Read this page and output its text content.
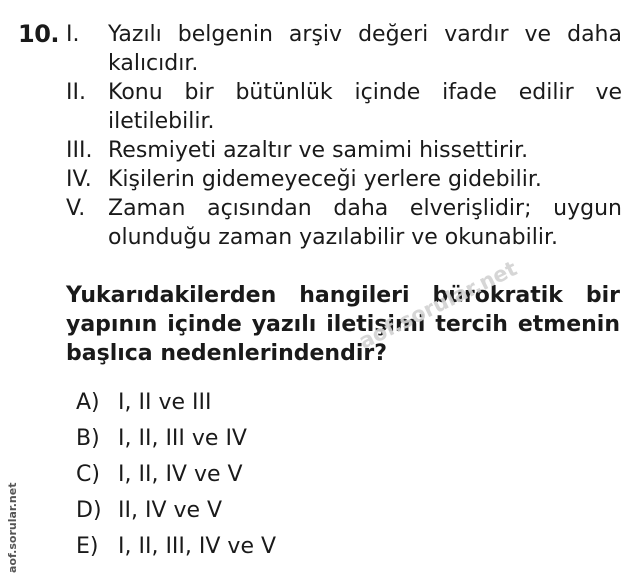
10. I. Yazılı belgenin arşiv değeri vardır ve daha kalıcıdır.
II. Konu bir bütünlük içinde ifade edilir ve iletilebilir.
III. Resmiyeti azaltır ve samimi hissettirir.
IV. Kişilerin gidemeyeceği yerlere gidebilir.
V. Zaman açısından daha elverişlidir; uygun olunduğu zaman yazılabilir ve okunabilir.
Yukarıdakilerden hangileri bürokratik bir yapının içinde yazılı iletişimi tercih etmenin başlıca nedenlerindendir?
A) I, II ve III
B) I, II, III ve IV
C) I, II, IV ve V
D) II, IV ve V
E) I, II, III, IV ve V
aof.sorular.net
aof.sorular.net
